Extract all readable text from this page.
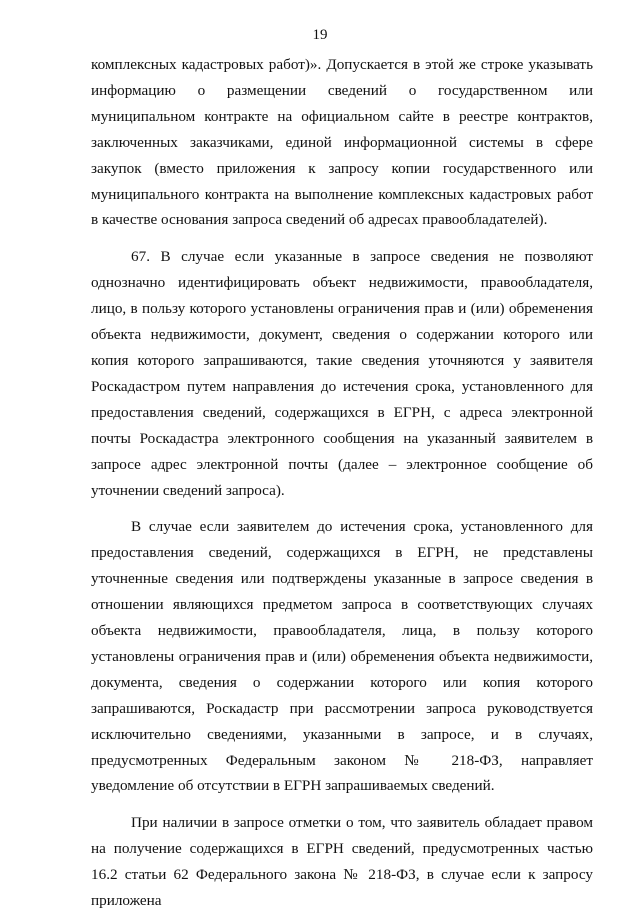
19

комплексных кадастровых работ)». Допускается в этой же строке указывать информацию о размещении сведений о государственном или муниципальном контракте на официальном сайте в реестре контрактов, заключенных заказчиками, единой информационной системы в сфере закупок (вместо приложения к запросу копии государственного или муниципального контракта на выполнение комплексных кадастровых работ в качестве основания запроса сведений об адресах правообладателей).

67. В случае если указанные в запросе сведения не позволяют однозначно идентифицировать объект недвижимости, правообладателя, лицо, в пользу которого установлены ограничения прав и (или) обременения объекта недвижимости, документ, сведения о содержании которого или копия которого запрашиваются, такие сведения уточняются у заявителя Роскадастром путем направления до истечения срока, установленного для предоставления сведений, содержащихся в ЕГРН, с адреса электронной почты Роскадастра электронного сообщения на указанный заявителем в запросе адрес электронной почты (далее – электронное сообщение об уточнении сведений запроса).

В случае если заявителем до истечения срока, установленного для предоставления сведений, содержащихся в ЕГРН, не представлены уточненные сведения или подтверждены указанные в запросе сведения в отношении являющихся предметом запроса в соответствующих случаях объекта недвижимости, правообладателя, лица, в пользу которого установлены ограничения прав и (или) обременения объекта недвижимости, документа, сведения о содержании которого или копия которого запрашиваются, Роскадастр при рассмотрении запроса руководствуется исключительно сведениями, указанными в запросе, и в случаях, предусмотренных Федеральным законом № 218-ФЗ, направляет уведомление об отсутствии в ЕГРН запрашиваемых сведений.

При наличии в запросе отметки о том, что заявитель обладает правом на получение содержащихся в ЕГРН сведений, предусмотренных частью 16.2 статьи 62 Федерального закона № 218-ФЗ, в случае если к запросу приложена
